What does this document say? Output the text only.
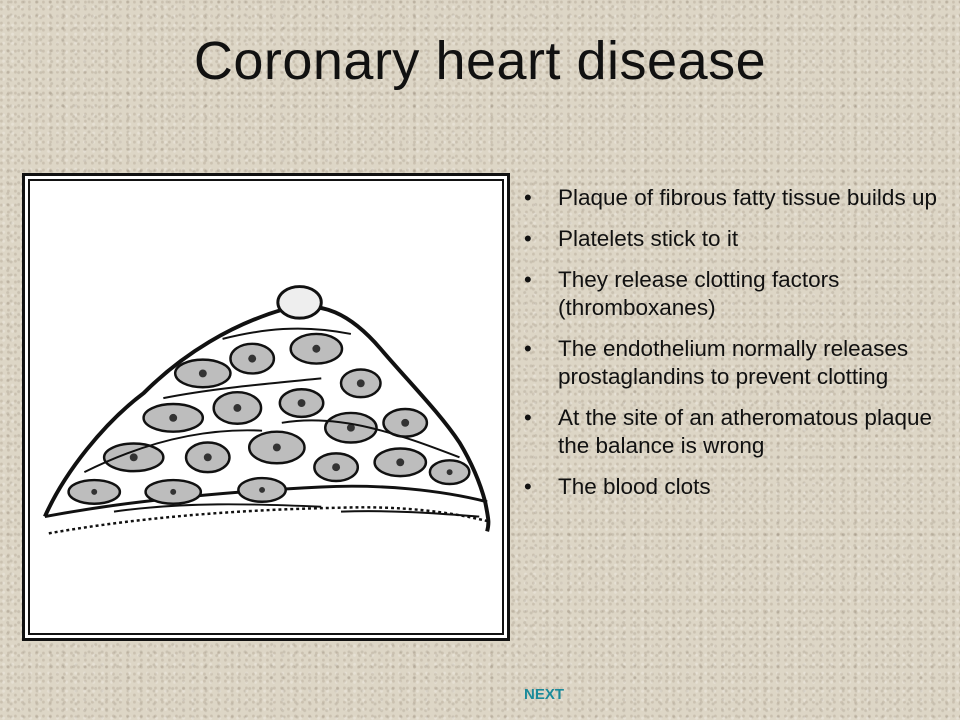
Coronary heart disease
• Plaque of fibrous fatty tissue builds up
• Platelets stick to it
• They release clotting factors (thromboxanes)
• The endothelium normally releases prostaglandins to prevent clotting
• At the site of an atheromatous plaque the balance is wrong
• The blood clots
NEXT
